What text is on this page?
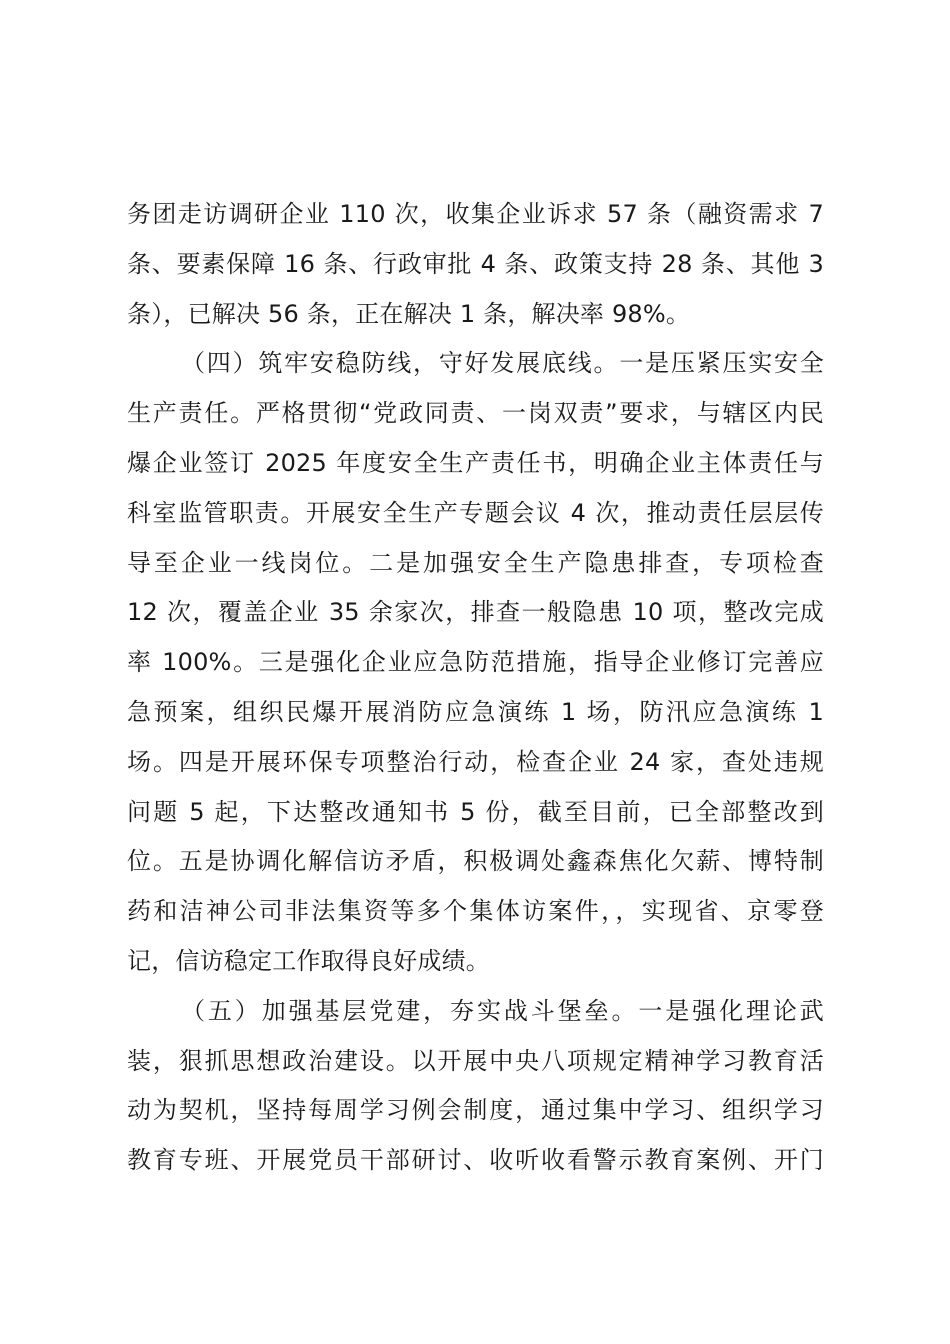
务团走访调研企业 110 次，收集企业诉求 57 条（融资需求 7
条、要素保障 16 条、行政审批 4 条、政策支持 28 条、其他 3
条），已解决 56 条，正在解决 1 条，解决率 98%。
（四）筑牢安稳防线，守好发展底线。一是压紧压实安全
生产责任。严格贯彻“党政同责、一岗双责”要求，与辖区内民
爆企业签订 2025 年度安全生产责任书，明确企业主体责任与
科室监管职责。开展安全生产专题会议 4 次，推动责任层层传
导至企业一线岗位。二是加强安全生产隐患排查，专项检查
12 次，覆盖企业 35 余家次，排查一般隐患 10 项，整改完成
率 100%。三是强化企业应急防范措施，指导企业修订完善应
急预案，组织民爆开展消防应急演练 1 场，防汛应急演练 1
场。四是开展环保专项整治行动，检查企业 24 家，查处违规
问题 5 起，下达整改通知书 5 份，截至目前，已全部整改到
位。五是协调化解信访矛盾，积极调处鑫森焦化欠薪、博特制
药和洁神公司非法集资等多个集体访案件，，实现省、京零登
记，信访稳定工作取得良好成绩。
（五）加强基层党建，夯实战斗堡垒。一是强化理论武
装，狠抓思想政治建设。以开展中央八项规定精神学习教育活
动为契机，坚持每周学习例会制度，通过集中学习、组织学习
教育专班、开展党员干部研讨、收听收看警示教育案例、开门
